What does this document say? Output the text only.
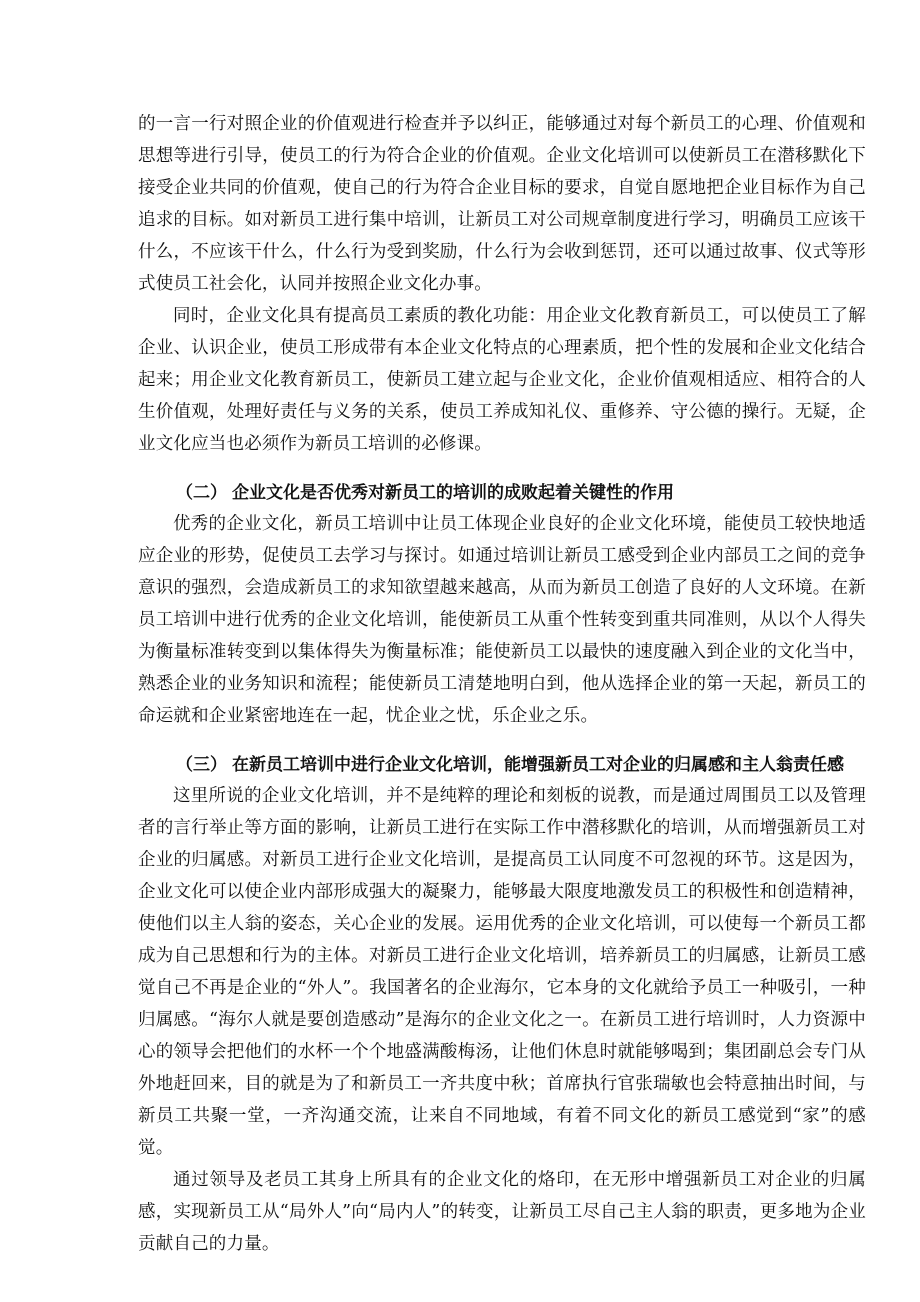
的一言一行对照企业的价值观进行检查并予以纠正，能够通过对每个新员工的心理、价值观和思想等进行引导，使员工的行为符合企业的价值观。企业文化培训可以使新员工在潜移默化下接受企业共同的价值观，使自己的行为符合企业目标的要求，自觉自愿地把企业目标作为自己追求的目标。如对新员工进行集中培训，让新员工对公司规章制度进行学习，明确员工应该干什么，不应该干什么，什么行为受到奖励，什么行为会收到惩罚，还可以通过故事、仪式等形式使员工社会化，认同并按照企业文化办事。

同时，企业文化具有提高员工素质的教化功能：用企业文化教育新员工，可以使员工了解企业、认识企业，使员工形成带有本企业文化特点的心理素质，把个性的发展和企业文化结合起来；用企业文化教育新员工，使新员工建立起与企业文化，企业价值观相适应、相符合的人生价值观，处理好责任与义务的关系，使员工养成知礼仪、重修养、守公德的操行。无疑，企业文化应当也必须作为新员工培训的必修课。

（二） 企业文化是否优秀对新员工的培训的成败起着关键性的作用

优秀的企业文化，新员工培训中让员工体现企业良好的企业文化环境，能使员工较快地适应企业的形势，促使员工去学习与探讨。如通过培训让新员工感受到企业内部员工之间的竞争意识的强烈，会造成新员工的求知欲望越来越高，从而为新员工创造了良好的人文环境。在新员工培训中进行优秀的企业文化培训，能使新员工从重个性转变到重共同准则，从以个人得失为衡量标准转变到以集体得失为衡量标准；能使新员工以最快的速度融入到企业的文化当中，熟悉企业的业务知识和流程；能使新员工清楚地明白到，他从选择企业的第一天起，新员工的命运就和企业紧密地连在一起，忧企业之忧，乐企业之乐。

（三） 在新员工培训中进行企业文化培训，能增强新员工对企业的归属感和主人翁责任感

这里所说的企业文化培训，并不是纯粹的理论和刻板的说教，而是通过周围员工以及管理者的言行举止等方面的影响，让新员工进行在实际工作中潜移默化的培训，从而增强新员工对企业的归属感。对新员工进行企业文化培训，是提高员工认同度不可忽视的环节。这是因为，企业文化可以使企业内部形成强大的凝聚力，能够最大限度地激发员工的积极性和创造精神，使他们以主人翁的姿态，关心企业的发展。运用优秀的企业文化培训，可以使每一个新员工都成为自己思想和行为的主体。对新员工进行企业文化培训，培养新员工的归属感，让新员工感觉自己不再是企业的“外人”。我国著名的企业海尔，它本身的文化就给予员工一种吸引，一种归属感。“海尔人就是要创造感动”是海尔的企业文化之一。在新员工进行培训时，人力资源中心的领导会把他们的水杯一个个地盛满酸梅汤，让他们休息时就能够喝到；集团副总会专门从外地赶回来，目的就是为了和新员工一齐共度中秋；首席执行官张瑞敏也会特意抽出时间，与新员工共聚一堂，一齐沟通交流，让来自不同地域，有着不同文化的新员工感觉到“家”的感觉。

通过领导及老员工其身上所具有的企业文化的烙印，在无形中增强新员工对企业的归属感，实现新员工从“局外人”向“局内人”的转变，让新员工尽自己主人翁的职责，更多地为企业贡献自己的力量。
